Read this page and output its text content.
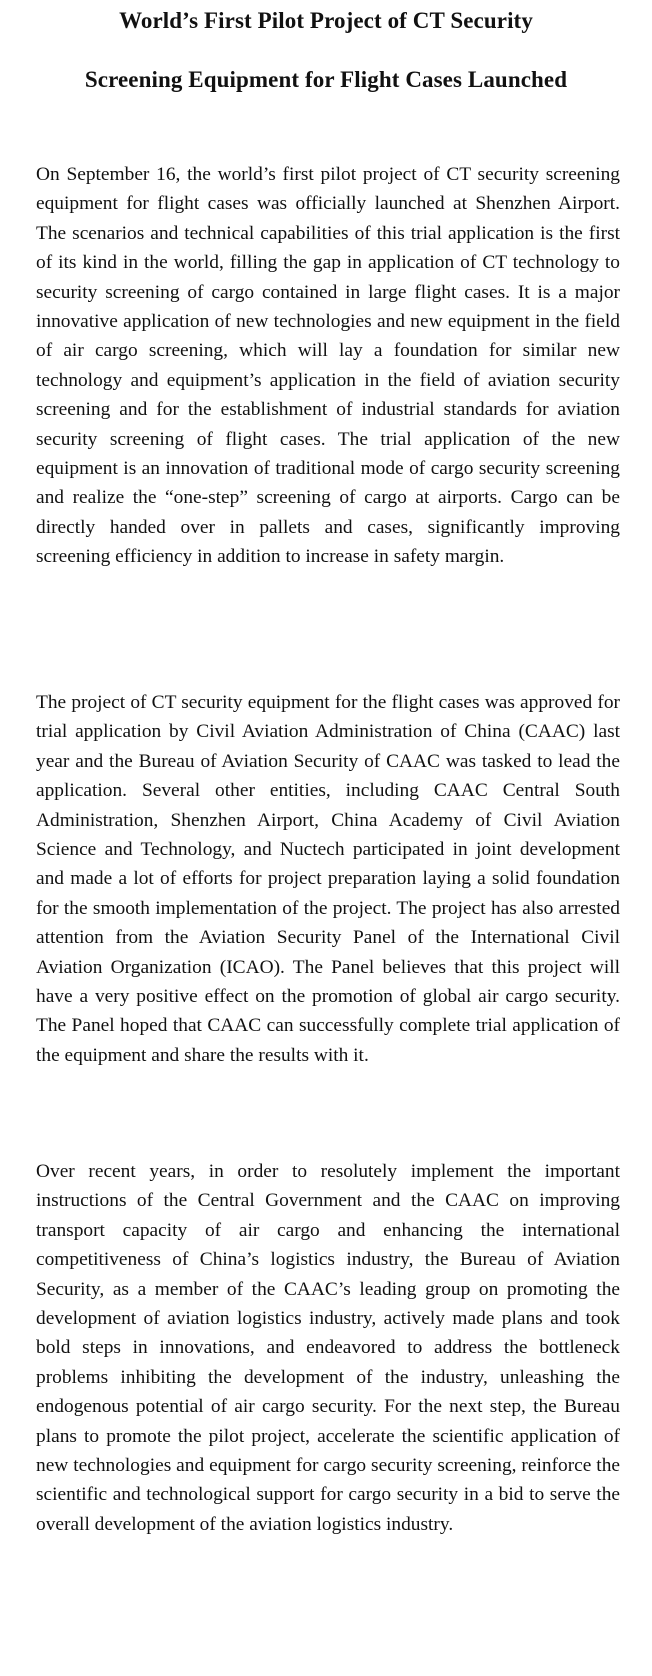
World’s First Pilot Project of CT Security
Screening Equipment for Flight Cases Launched

On September 16, the world’s first pilot project of CT security screening equipment for flight cases was officially launched at Shenzhen Airport. The scenarios and technical capabilities of this trial application is the first of its kind in the world, filling the gap in application of CT technology to security screening of cargo contained in large flight cases. It is a major innovative application of new technologies and new equipment in the field of air cargo screening, which will lay a foundation for similar new technology and equipment’s application in the field of aviation security screening and for the establishment of industrial standards for aviation security screening of flight cases. The trial application of the new equipment is an innovation of traditional mode of cargo security screening and realize the “one-step” screening of cargo at airports. Cargo can be directly handed over in pallets and cases, significantly improving screening efficiency in addition to increase in safety margin.

The project of CT security equipment for the flight cases was approved for trial application by Civil Aviation Administration of China (CAAC) last year and the Bureau of Aviation Security of CAAC was tasked to lead the application. Several other entities, including CAAC Central South Administration, Shenzhen Airport, China Academy of Civil Aviation Science and Technology, and Nuctech participated in joint development and made a lot of efforts for project preparation laying a solid foundation for the smooth implementation of the project. The project has also arrested attention from the Aviation Security Panel of the International Civil Aviation Organization (ICAO). The Panel believes that this project will have a very positive effect on the promotion of global air cargo security. The Panel hoped that CAAC can successfully complete trial application of the equipment and share the results with it.

Over recent years, in order to resolutely implement the important instructions of the Central Government and the CAAC on improving transport capacity of air cargo and enhancing the international competitiveness of China’s logistics industry, the Bureau of Aviation Security, as a member of the CAAC’s leading group on promoting the development of aviation logistics industry, actively made plans and took bold steps in innovations, and endeavored to address the bottleneck problems inhibiting the development of the industry, unleashing the endogenous potential of air cargo security. For the next step, the Bureau plans to promote the pilot project, accelerate the scientific application of new technologies and equipment for cargo security screening, reinforce the scientific and technological support for cargo security in a bid to serve the overall development of the aviation logistics industry.
